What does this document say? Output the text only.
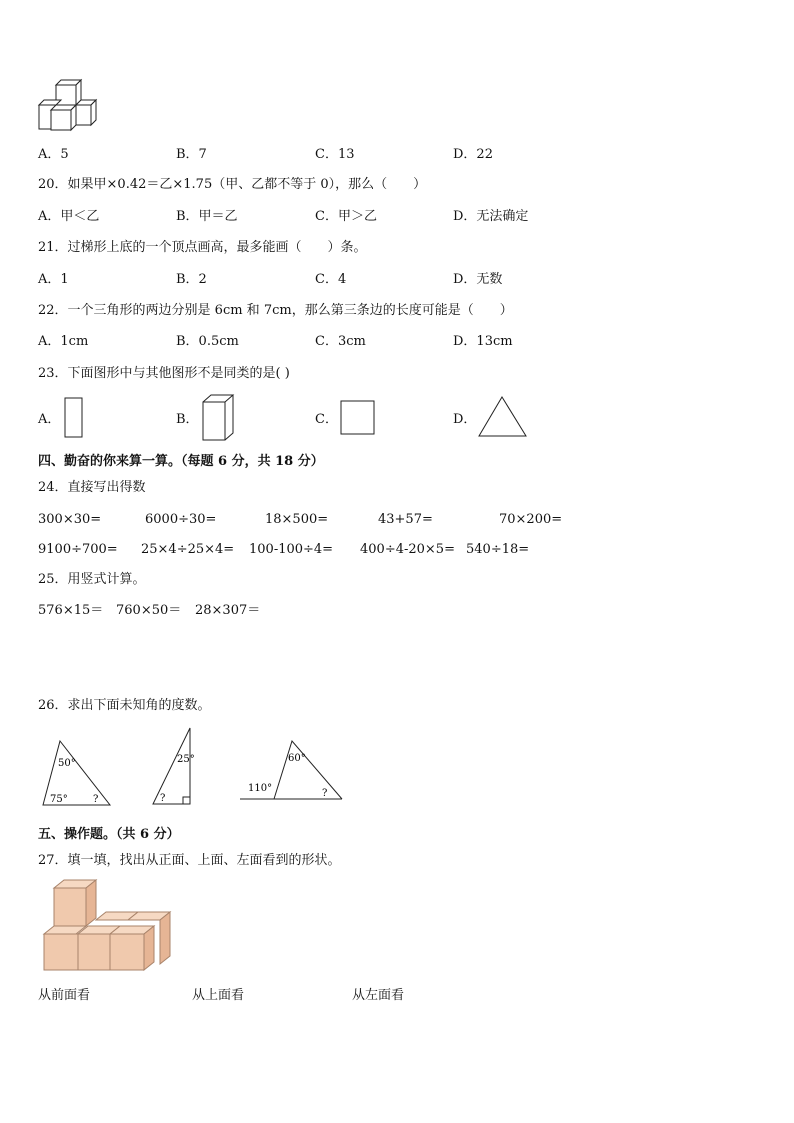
A．5	B．7	C．13	D．22
20．如果甲×0.42＝乙×1.75（甲、乙都不等于 0），那么（　　）
A．甲＜乙	B．甲＝乙	C．甲＞乙	D．无法确定
21．过梯形上底的一个顶点画高，最多能画（　　）条。
A．1	B．2	C．4	D．无数
22．一个三角形的两边分别是 6cm 和 7cm，那么第三条边的长度可能是（　　）
A．1cm	B．0.5cm	C．3cm	D．13cm
23．下面图形中与其他图形不是同类的是( )
A．	B．	C．	D．
四、勤奋的你来算一算。（每题 6 分，共 18 分）
24．直接写出得数
300×30=	6000÷30=	18×500=	43+57=	70×200=
9100÷700= 25×4÷25×4= 100-100÷4= 400÷4-20×5= 540÷18=
25．用竖式计算。
576×15＝ 760×50＝ 28×307＝
26．求出下面未知角的度数。
50°
75°	?
25°
?
60°
110°	?
五、操作题。（共 6 分）
27．填一填，找出从正面、上面、左面看到的形状。
从前面看	从上面看	从左面看
